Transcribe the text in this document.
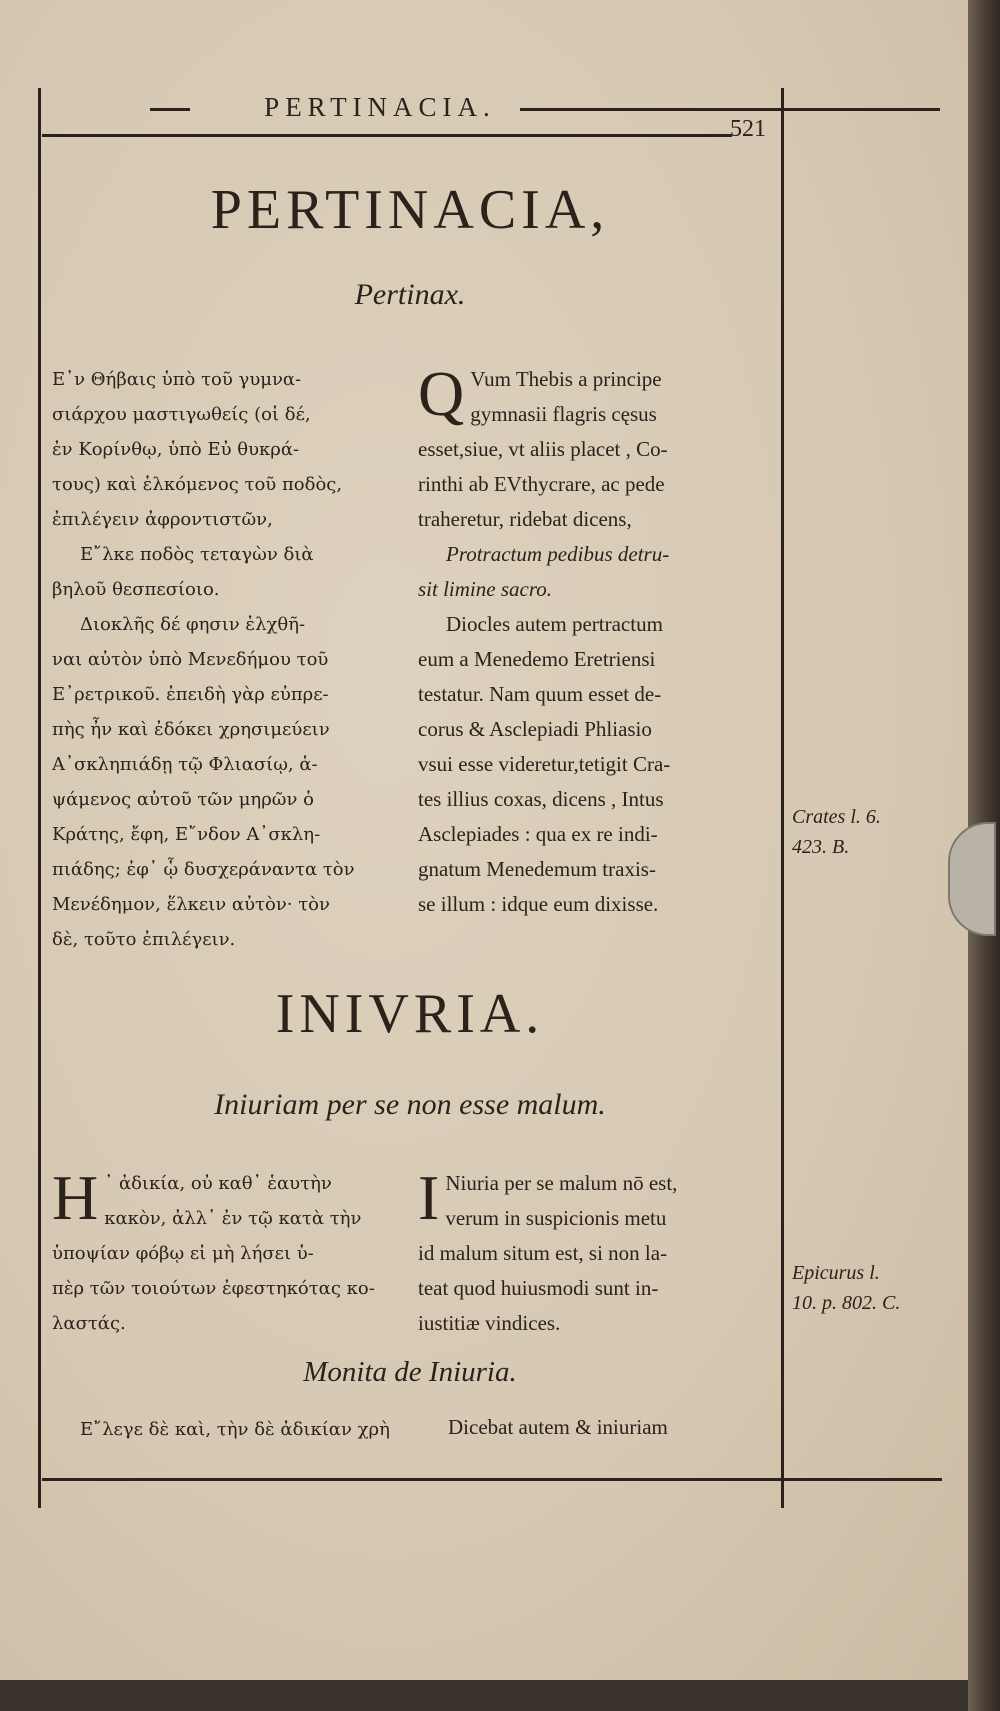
PERTINACIA.
521
PERTINACIA,
Pertinax.
Ε᾽ν Θήβαις ὑπὸ τοῦ γυμνα-
σιάρχου μαστιγωθείς (οἱ δέ,
ἐν Κορίνθῳ, ὑπὸ Εὐ θυκρά-
τους) καὶ ἑλκόμενος τοῦ ποδὸς,
ἐπιλέγειν ἀφροντιστῶν,
Ε῎λκε ποδὸς τεταγὼν διὰ
βηλοῦ θεσπεσίοιο.
Διοκλῆς δέ φησιν ἑλχθῆ-
ναι αὐτὸν ὑπὸ Μενεδήμου τοῦ
Ε᾽ρετρικοῦ. ἐπειδὴ γὰρ εὐπρε-
πὴς ἦν καὶ ἐδόκει χρησιμεύειν
Α᾽σκληπιάδῃ τῷ Φλιασίῳ, ἁ-
ψάμενος αὐτοῦ τῶν μηρῶν ὁ
Κράτης, ἔφη, Ε῎νδον Α᾽σκλη-
πιάδης; ἐφ᾽ ᾧ δυσχεράναντα τὸν
Μενέδημον, ἕλκειν αὐτὸν· τὸν
δὲ, τοῦτο ἐπιλέγειν.
Q Vum Thebis a principe
gymnasii flagris cęsus
esset,siue, vt aliis placet , Co-
rinthi ab EVthycrare, ac pede
traheretur, ridebat dicens,
Protractum pedibus detru-
sit limine sacro.
Diocles autem pertractum
eum a Menedemo Eretriensi
testatur. Nam quum esset de-
corus & Asclepiadi Phliasio
vsui esse videretur,tetigit Cra-
tes illius coxas, dicens , Intus
Asclepiades : qua ex re indi-
gnatum Menedemum traxis-
se illum : idque eum dixisse.
Crates l. 6.
423. B.
INIVRIA.
Iniuriam per se non esse malum.
H ᾽ ἀδικία, οὐ καθ᾽ ἑαυτὴν
κακὸν, ἀλλ᾽ ἐν τῷ κατὰ τὴν
ὑποψίαν φόβῳ εἰ μὴ λήσει ὑ-
πὲρ τῶν τοιούτων ἐφεστηκότας κο-
λαστάς.
I Niuria per se malum nō est,
verum in suspicionis metu
id malum situm est, si non la-
teat quod huiusmodi sunt in-
iustitiæ vindices.
Epicurus l.
10. p. 802. C.
Monita de Iniuria.
Ε῎λεγε δὲ καὶ, τὴν δὲ ἀδικίαν χρὴ	Dicebat autem & iniuriam
